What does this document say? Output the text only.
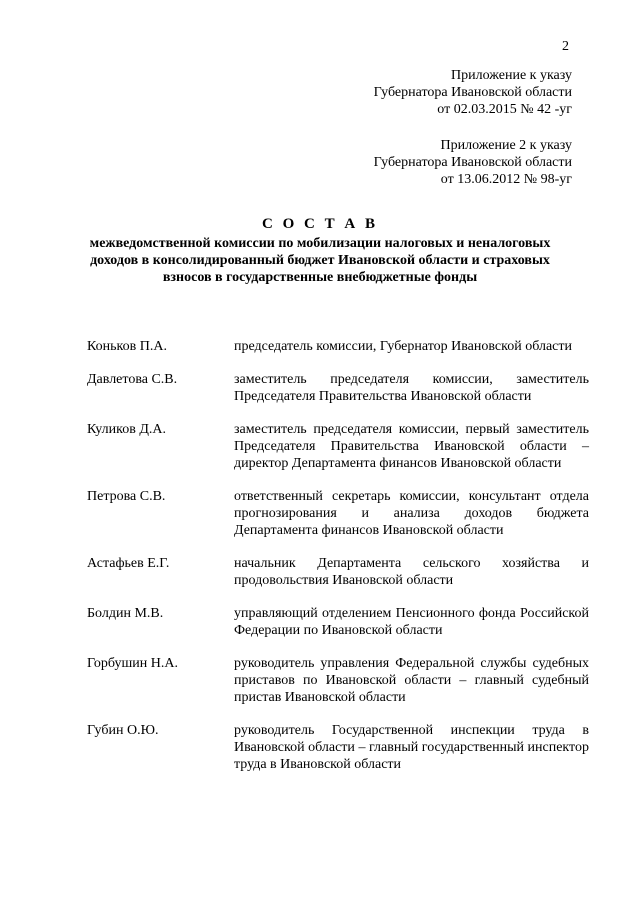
2
Приложение к указу
Губернатора Ивановской области
от 02.03.2015 № 42 -уг
Приложение 2 к указу
Губернатора Ивановской области
от 13.06.2012 № 98-уг
С О С Т А В
межведомственной комиссии по мобилизации налоговых и неналоговых доходов в консолидированный бюджет Ивановской области и страховых взносов в государственные внебюджетные фонды
Коньков П.А.	председатель комиссии, Губернатор Ивановской области
Давлетова С.В.	заместитель председателя комиссии, заместитель Председателя Правительства Ивановской области
Куликов Д.А.	заместитель председателя комиссии, первый заместитель Председателя Правительства Ивановской области – директор Департамента финансов Ивановской области
Петрова С.В.	ответственный секретарь комиссии, консультант отдела прогнозирования и анализа доходов бюджета Департамента финансов Ивановской области
Астафьев Е.Г.	начальник Департамента сельского хозяйства и продовольствия Ивановской области
Болдин М.В.	управляющий отделением Пенсионного фонда Российской Федерации по Ивановской области
Горбушин Н.А.	руководитель управления Федеральной службы судебных приставов по Ивановской области – главный судебный пристав Ивановской области
Губин О.Ю.	руководитель Государственной инспекции труда в Ивановской области – главный государственный инспектор труда в Ивановской области
